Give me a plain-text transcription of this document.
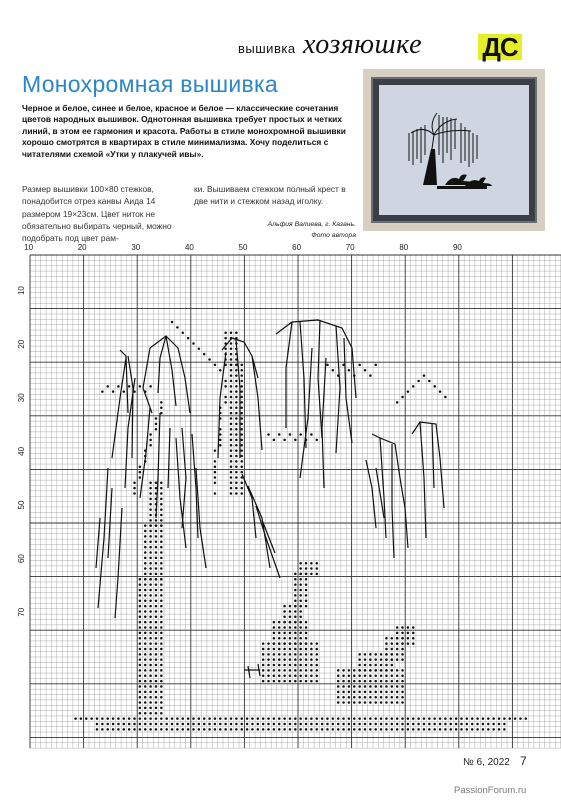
вышивка хозяюшке ДС
Монохромная вышивка
Черное и белое, синее и белое, красное и белое — классические сочетания цветов народных вышивок. Однотонная вышивка требует простых и четких линий, в этом ее гармония и красота. Работы в стиле монохромной вышивки хорошо смотрятся в квартирах в стиле минимализма. Хочу поделиться с читателями схемой «Утки у плакучей ивы».
Размер вышивки 100×80 стежков, понадобится отрез канвы Аида 14 размером 19×23см. Цвет ниток не обязательно выбирать черный, можно подобрать под цвет рам-
ки. Вышиваем стежком полный крест в две нити и стежком назад иголку.
Альфия Валиева, г. Казань.
Фото автора
10	20	30	40	50	60	70	80	90
10
20
30
40
50
60
70
№ 6, 2022 7
PassionForum.ru
